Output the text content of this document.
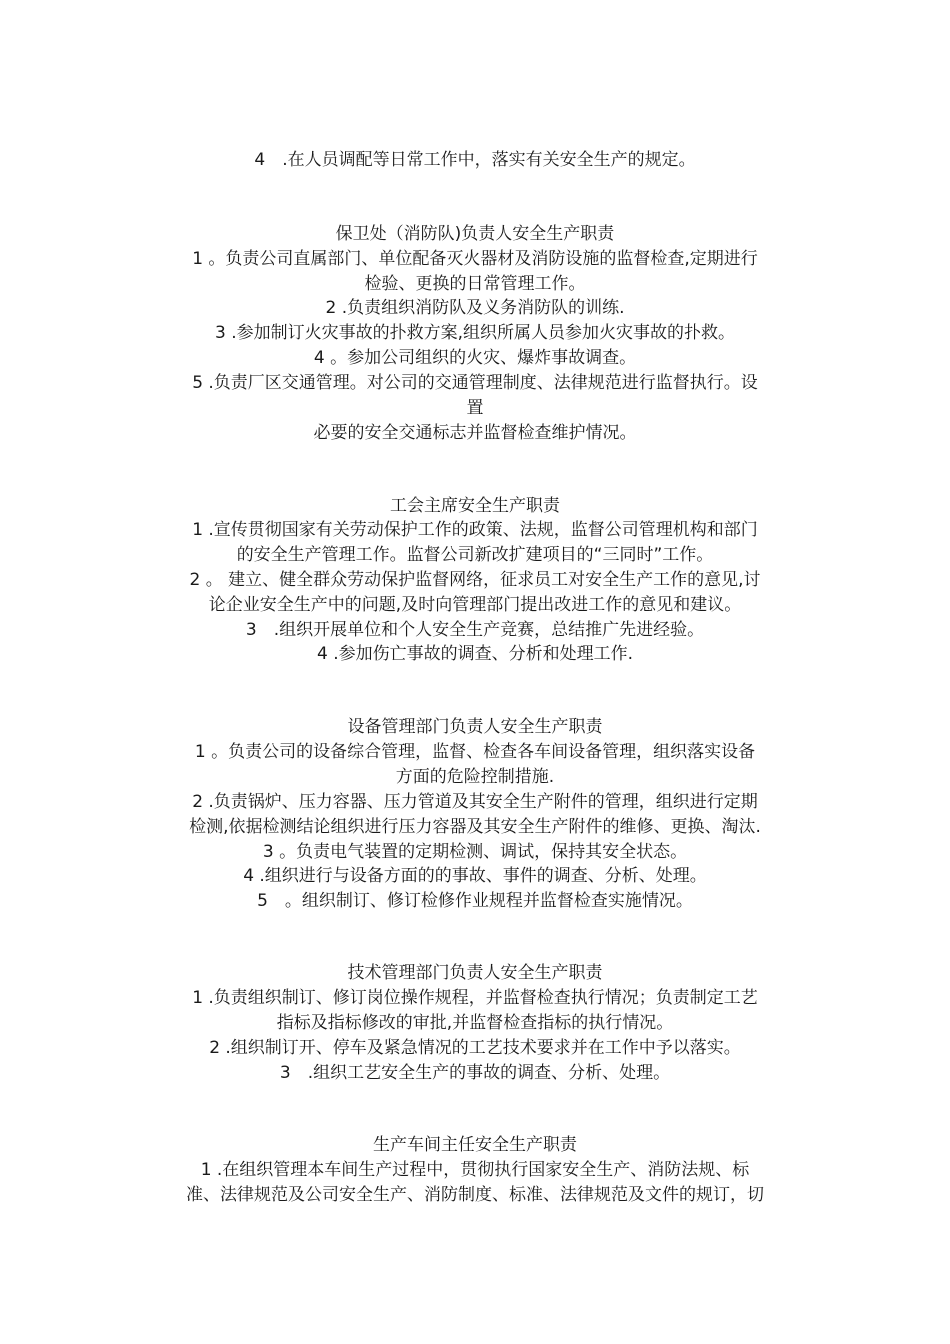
4　.在人员调配等日常工作中，落实有关安全生产的规定。
保卫处（消防队)负责人安全生产职责
1 。负责公司直属部门、单位配备灭火器材及消防设施的监督检查,定期进行
检验、更换的日常管理工作。
2 .负责组织消防队及义务消防队的训练.
3 .参加制订火灾事故的扑救方案,组织所属人员参加火灾事故的扑救。
4 。参加公司组织的火灾、爆炸事故调查。
5 .负责厂区交通管理。对公司的交通管理制度、法律规范进行监督执行。设
置
必要的安全交通标志并监督检查维护情况。
工会主席安全生产职责
1 .宣传贯彻国家有关劳动保护工作的政策、法规，监督公司管理机构和部门
的安全生产管理工作。监督公司新改扩建项目的“三同时”工作。
2 。 建立、健全群众劳动保护监督网络，征求员工对安全生产工作的意见,讨
论企业安全生产中的问题,及时向管理部门提出改进工作的意见和建议。
3　.组织开展单位和个人安全生产竞赛，总结推广先进经验。
4 .参加伤亡事故的调查、分析和处理工作.
设备管理部门负责人安全生产职责
1 。负责公司的设备综合管理，监督、检查各车间设备管理，组织落实设备
方面的危险控制措施.
2 .负责锅炉、压力容器、压力管道及其安全生产附件的管理，组织进行定期
检测,依据检测结论组织进行压力容器及其安全生产附件的维修、更换、淘汰.
3 。负责电气装置的定期检测、调试，保持其安全状态。
4 .组织进行与设备方面的的事故、事件的调查、分析、处理。
5　。组织制订、修订检修作业规程并监督检查实施情况。
技术管理部门负责人安全生产职责
1 .负责组织制订、修订岗位操作规程，并监督检查执行情况；负责制定工艺
指标及指标修改的审批,并监督检查指标的执行情况。
2 .组织制订开、停车及紧急情况的工艺技术要求并在工作中予以落实。
3　.组织工艺安全生产的事故的调查、分析、处理。
生产车间主任安全生产职责
1 .在组织管理本车间生产过程中，贯彻执行国家安全生产、消防法规、标
准、法律规范及公司安全生产、消防制度、标准、法律规范及文件的规订，切
